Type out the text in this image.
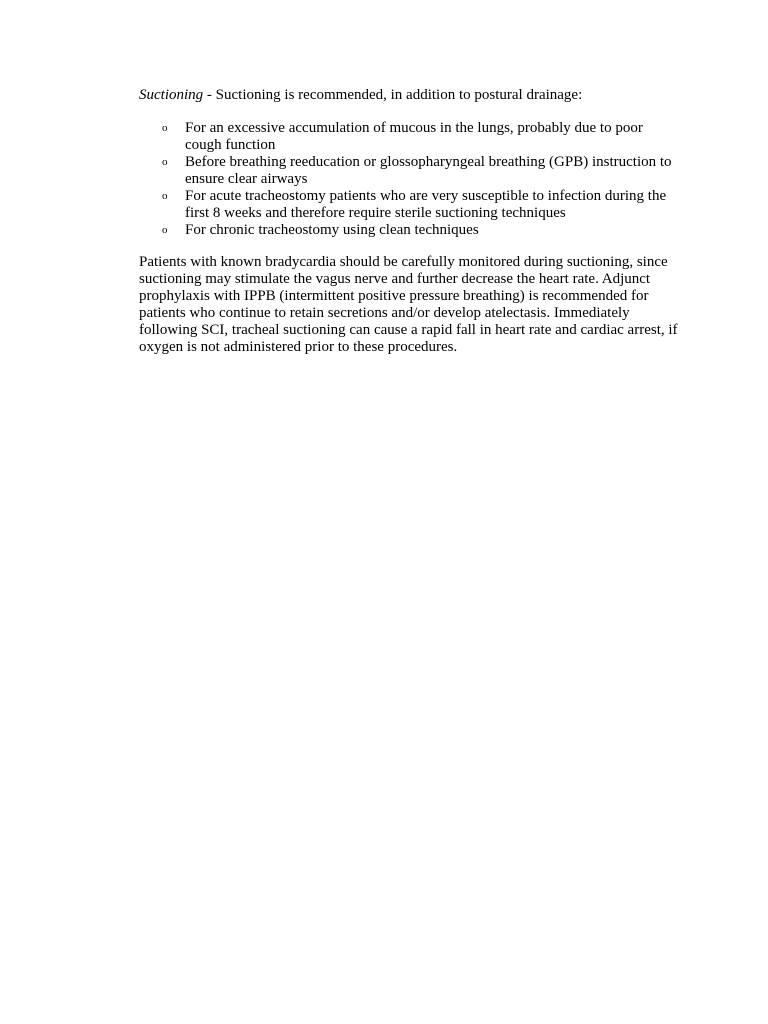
Suctioning - Suctioning is recommended, in addition to postural drainage:

o For an excessive accumulation of mucous in the lungs, probably due to poor cough function
o Before breathing reeducation or glossopharyngeal breathing (GPB) instruction to ensure clear airways
o For acute tracheostomy patients who are very susceptible to infection during the first 8 weeks and therefore require sterile suctioning techniques
o For chronic tracheostomy using clean techniques

Patients with known bradycardia should be carefully monitored during suctioning, since suctioning may stimulate the vagus nerve and further decrease the heart rate. Adjunct prophylaxis with IPPB (intermittent positive pressure breathing) is recommended for patients who continue to retain secretions and/or develop atelectasis. Immediately following SCI, tracheal suctioning can cause a rapid fall in heart rate and cardiac arrest, if oxygen is not administered prior to these procedures.
